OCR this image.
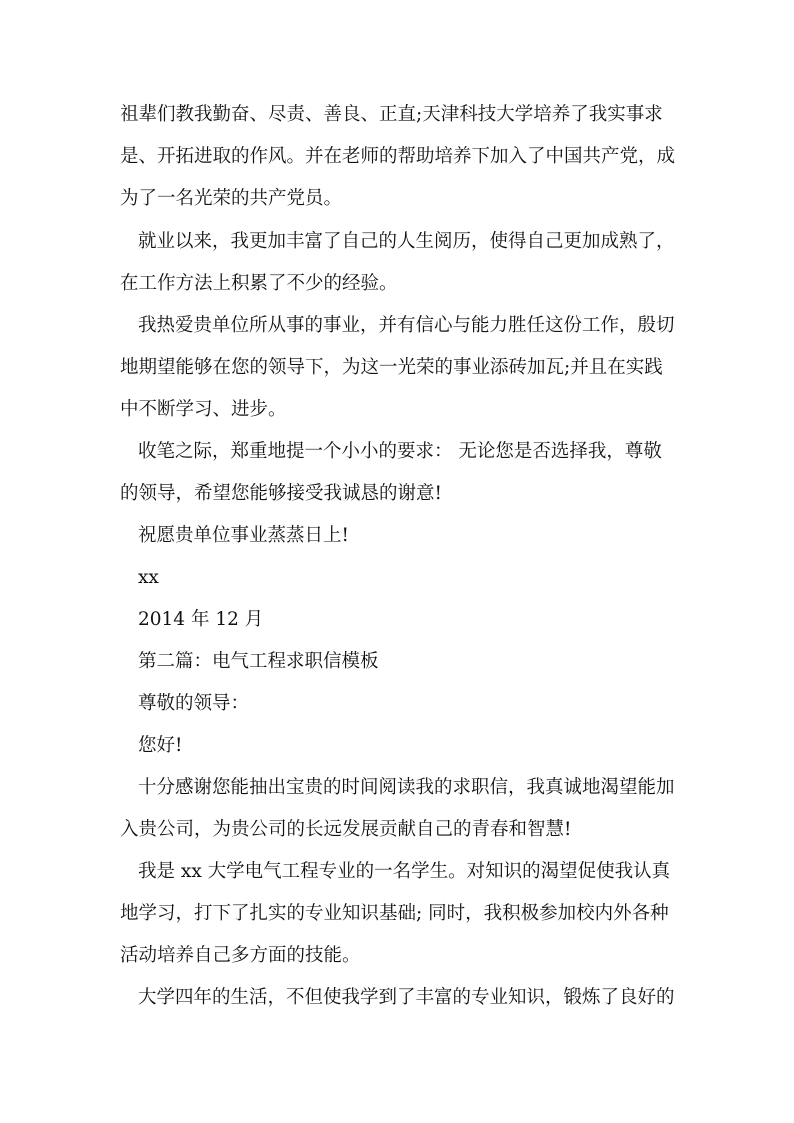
祖辈们教我勤奋、尽责、善良、正直;天津科技大学培养了我实事求
是、开拓进取的作风。并在老师的帮助培养下加入了中国共产党，成
为了一名光荣的共产党员。
就业以来，我更加丰富了自己的人生阅历，使得自己更加成熟了，
在工作方法上积累了不少的经验。
我热爱贵单位所从事的事业，并有信心与能力胜任这份工作，殷切
地期望能够在您的领导下，为这一光荣的事业添砖加瓦;并且在实践
中不断学习、进步。
收笔之际，郑重地提一个小小的要求： 无论您是否选择我，尊敬
的领导，希望您能够接受我诚恳的谢意!
祝愿贵单位事业蒸蒸日上!
xx
2014 年 12 月
第二篇：电气工程求职信模板
尊敬的领导：
您好!
十分感谢您能抽出宝贵的时间阅读我的求职信，我真诚地渴望能加
入贵公司，为贵公司的长远发展贡献自己的青春和智慧!
我是 xx 大学电气工程专业的一名学生。对知识的渴望促使我认真
地学习，打下了扎实的专业知识基础; 同时，我积极参加校内外各种
活动培养自己多方面的技能。
大学四年的生活，不但使我学到了丰富的专业知识，锻炼了良好的
